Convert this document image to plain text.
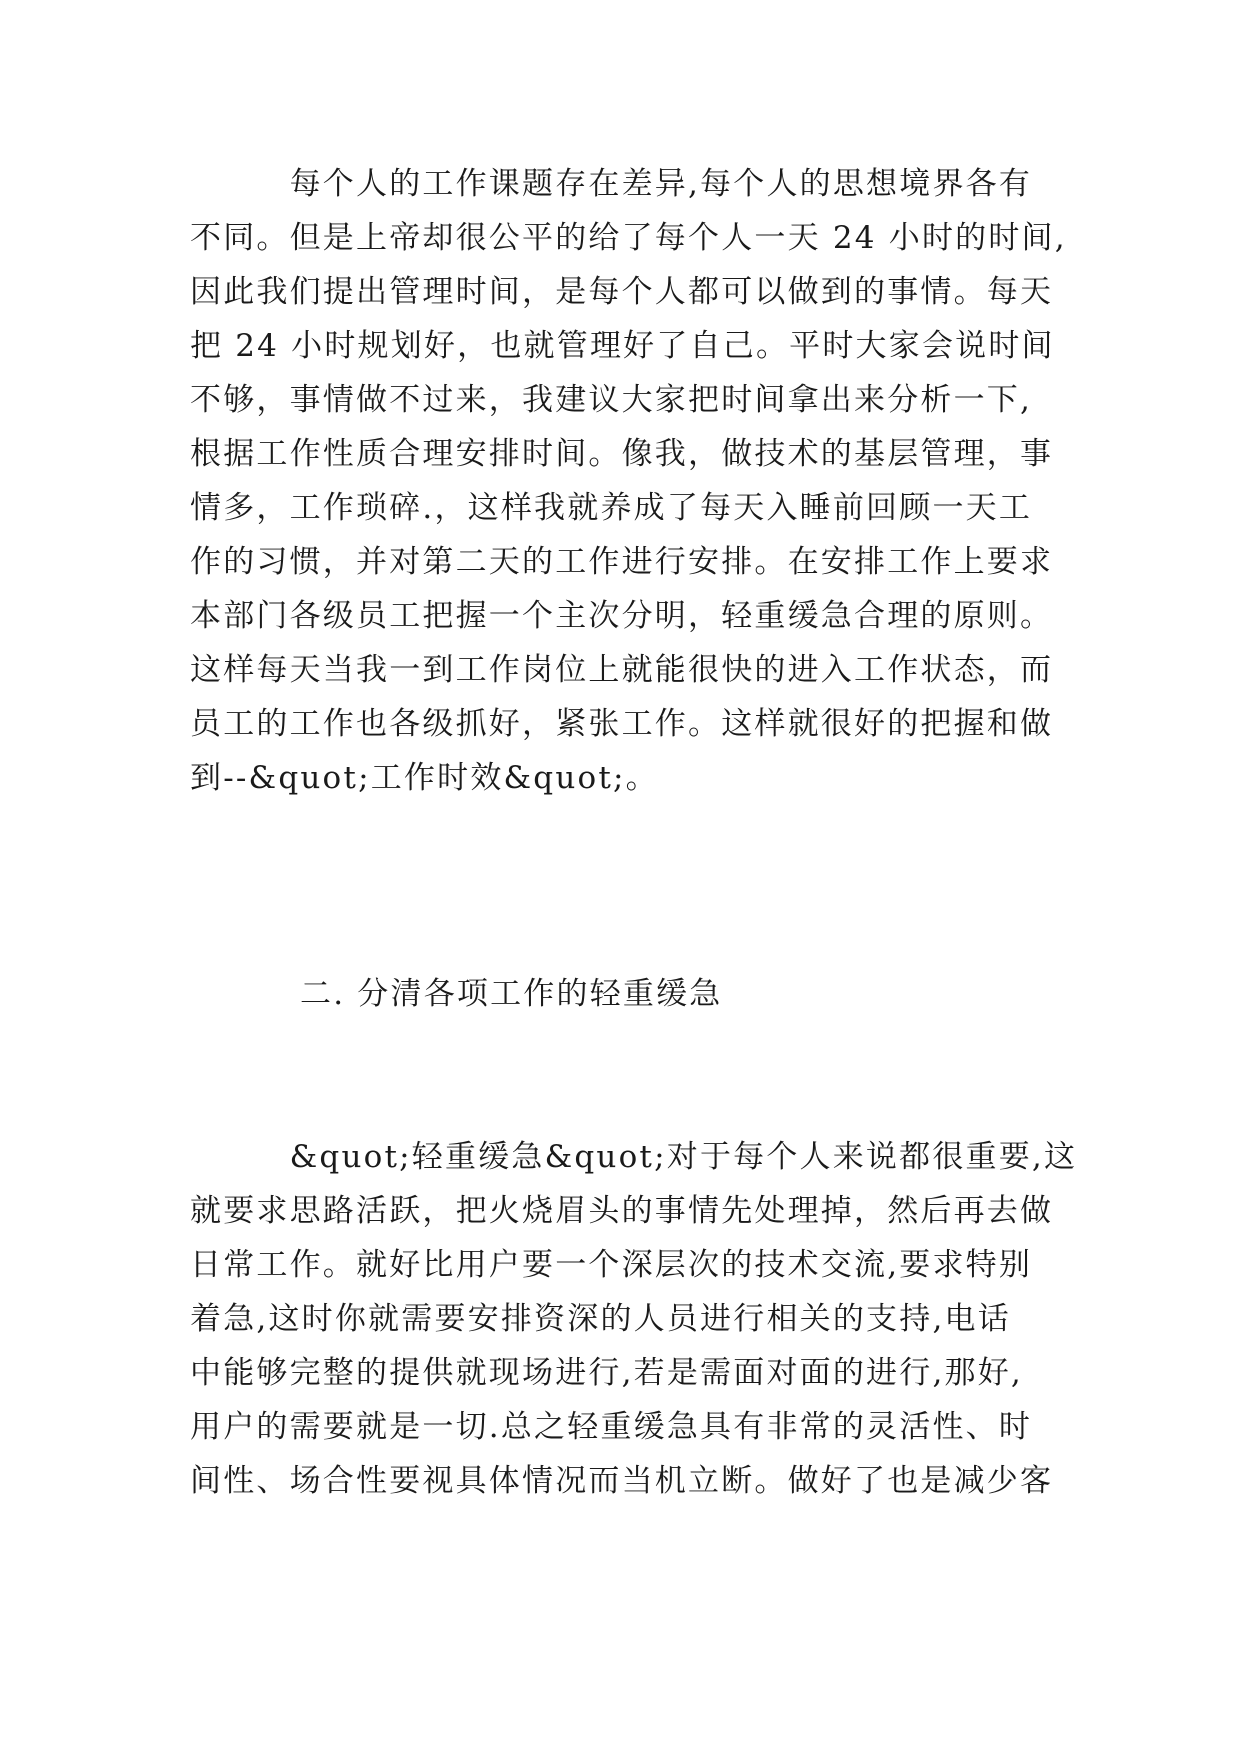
　　　每个人的工作课题存在差异,每个人的思想境界各有
不同。但是上帝却很公平的给了每个人一天 24 小时的时间,
因此我们提出管理时间，是每个人都可以做到的事情。每天
把 24 小时规划好，也就管理好了自己。平时大家会说时间
不够，事情做不过来，我建议大家把时间拿出来分析一下,
根据工作性质合理安排时间。像我，做技术的基层管理，事
情多，工作琐碎.，这样我就养成了每天入睡前回顾一天工
作的习惯，并对第二天的工作进行安排。在安排工作上要求
本部门各级员工把握一个主次分明，轻重缓急合理的原则。
这样每天当我一到工作岗位上就能很快的进入工作状态，而
员工的工作也各级抓好，紧张工作。这样就很好的把握和做
到--&quot;工作时效&quot;。
二. 分清各项工作的轻重缓急
　　　&quot;轻重缓急&quot;对于每个人来说都很重要,这
就要求思路活跃，把火烧眉头的事情先处理掉，然后再去做
日常工作。就好比用户要一个深层次的技术交流,要求特别
着急,这时你就需要安排资深的人员进行相关的支持,电话
中能够完整的提供就现场进行,若是需面对面的进行,那好,
用户的需要就是一切.总之轻重缓急具有非常的灵活性、时
间性、场合性要视具体情况而当机立断。做好了也是减少客
